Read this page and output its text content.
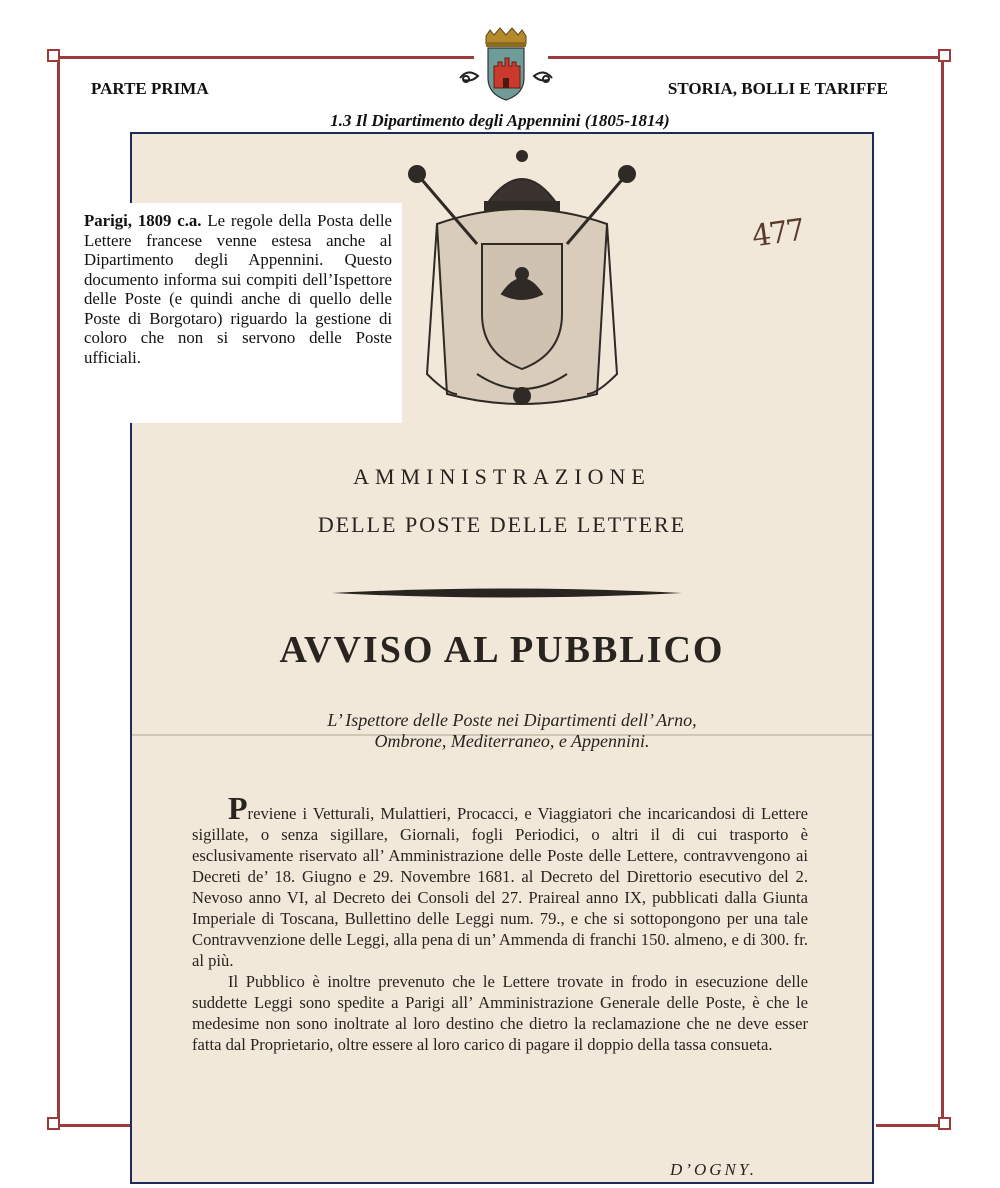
PARTE PRIMA	STORIA, BOLLI E TARIFFE
1.3 Il Dipartimento degli Appennini (1805-1814)
477
AMMINISTRAZIONE
DELLE POSTE DELLE LETTERE
AVVISO AL PUBBLICO
L’ Ispettore delle Poste nei Dipartimenti dell’ Arno,
Ombrone, Mediterraneo, e Appennini.

Previene i Vetturali, Mulattieri, Procacci, e Viaggiatori che incaricandosi di Lettere sigillate, o senza sigillare, Giornali, fogli Periodici, o altri il di cui trasporto è esclusivamente riservato all’ Amministrazione delle Poste delle Lettere, contravvengono ai Decreti de’ 18. Giugno e 29. Novembre 1681. al Decreto del Direttorio esecutivo del 2. Nevoso anno VI, al Decreto dei Consoli del 27. Praireal anno IX, pubblicati dalla Giunta Imperiale di Toscana, Bullettino delle Leggi num. 79., e che si sottopongono per una tale Contravvenzione delle Leggi, alla pena di un’ Ammenda di franchi 150. almeno, e di 300. fr. al più.

Il Pubblico è inoltre prevenuto che le Lettere trovate in frodo in esecuzione delle suddette Leggi sono spedite a Parigi all’ Amministrazione Generale delle Poste, è che le medesime non sono inoltrate al loro destino che dietro la reclamazione che ne deve esser fatta dal Proprietario, oltre essere al loro carico di pagare il doppio della tassa consueta.

D’OGNY.
Parigi, 1809 c.a. Le regole della Posta delle Lettere francese venne estesa anche al Dipartimento degli Appennini. Questo documento informa sui compiti dell’Ispettore delle Poste (e quindi anche di quello delle Poste di Borgotaro) riguardo la gestione di coloro che non si servono delle Poste ufficiali.
